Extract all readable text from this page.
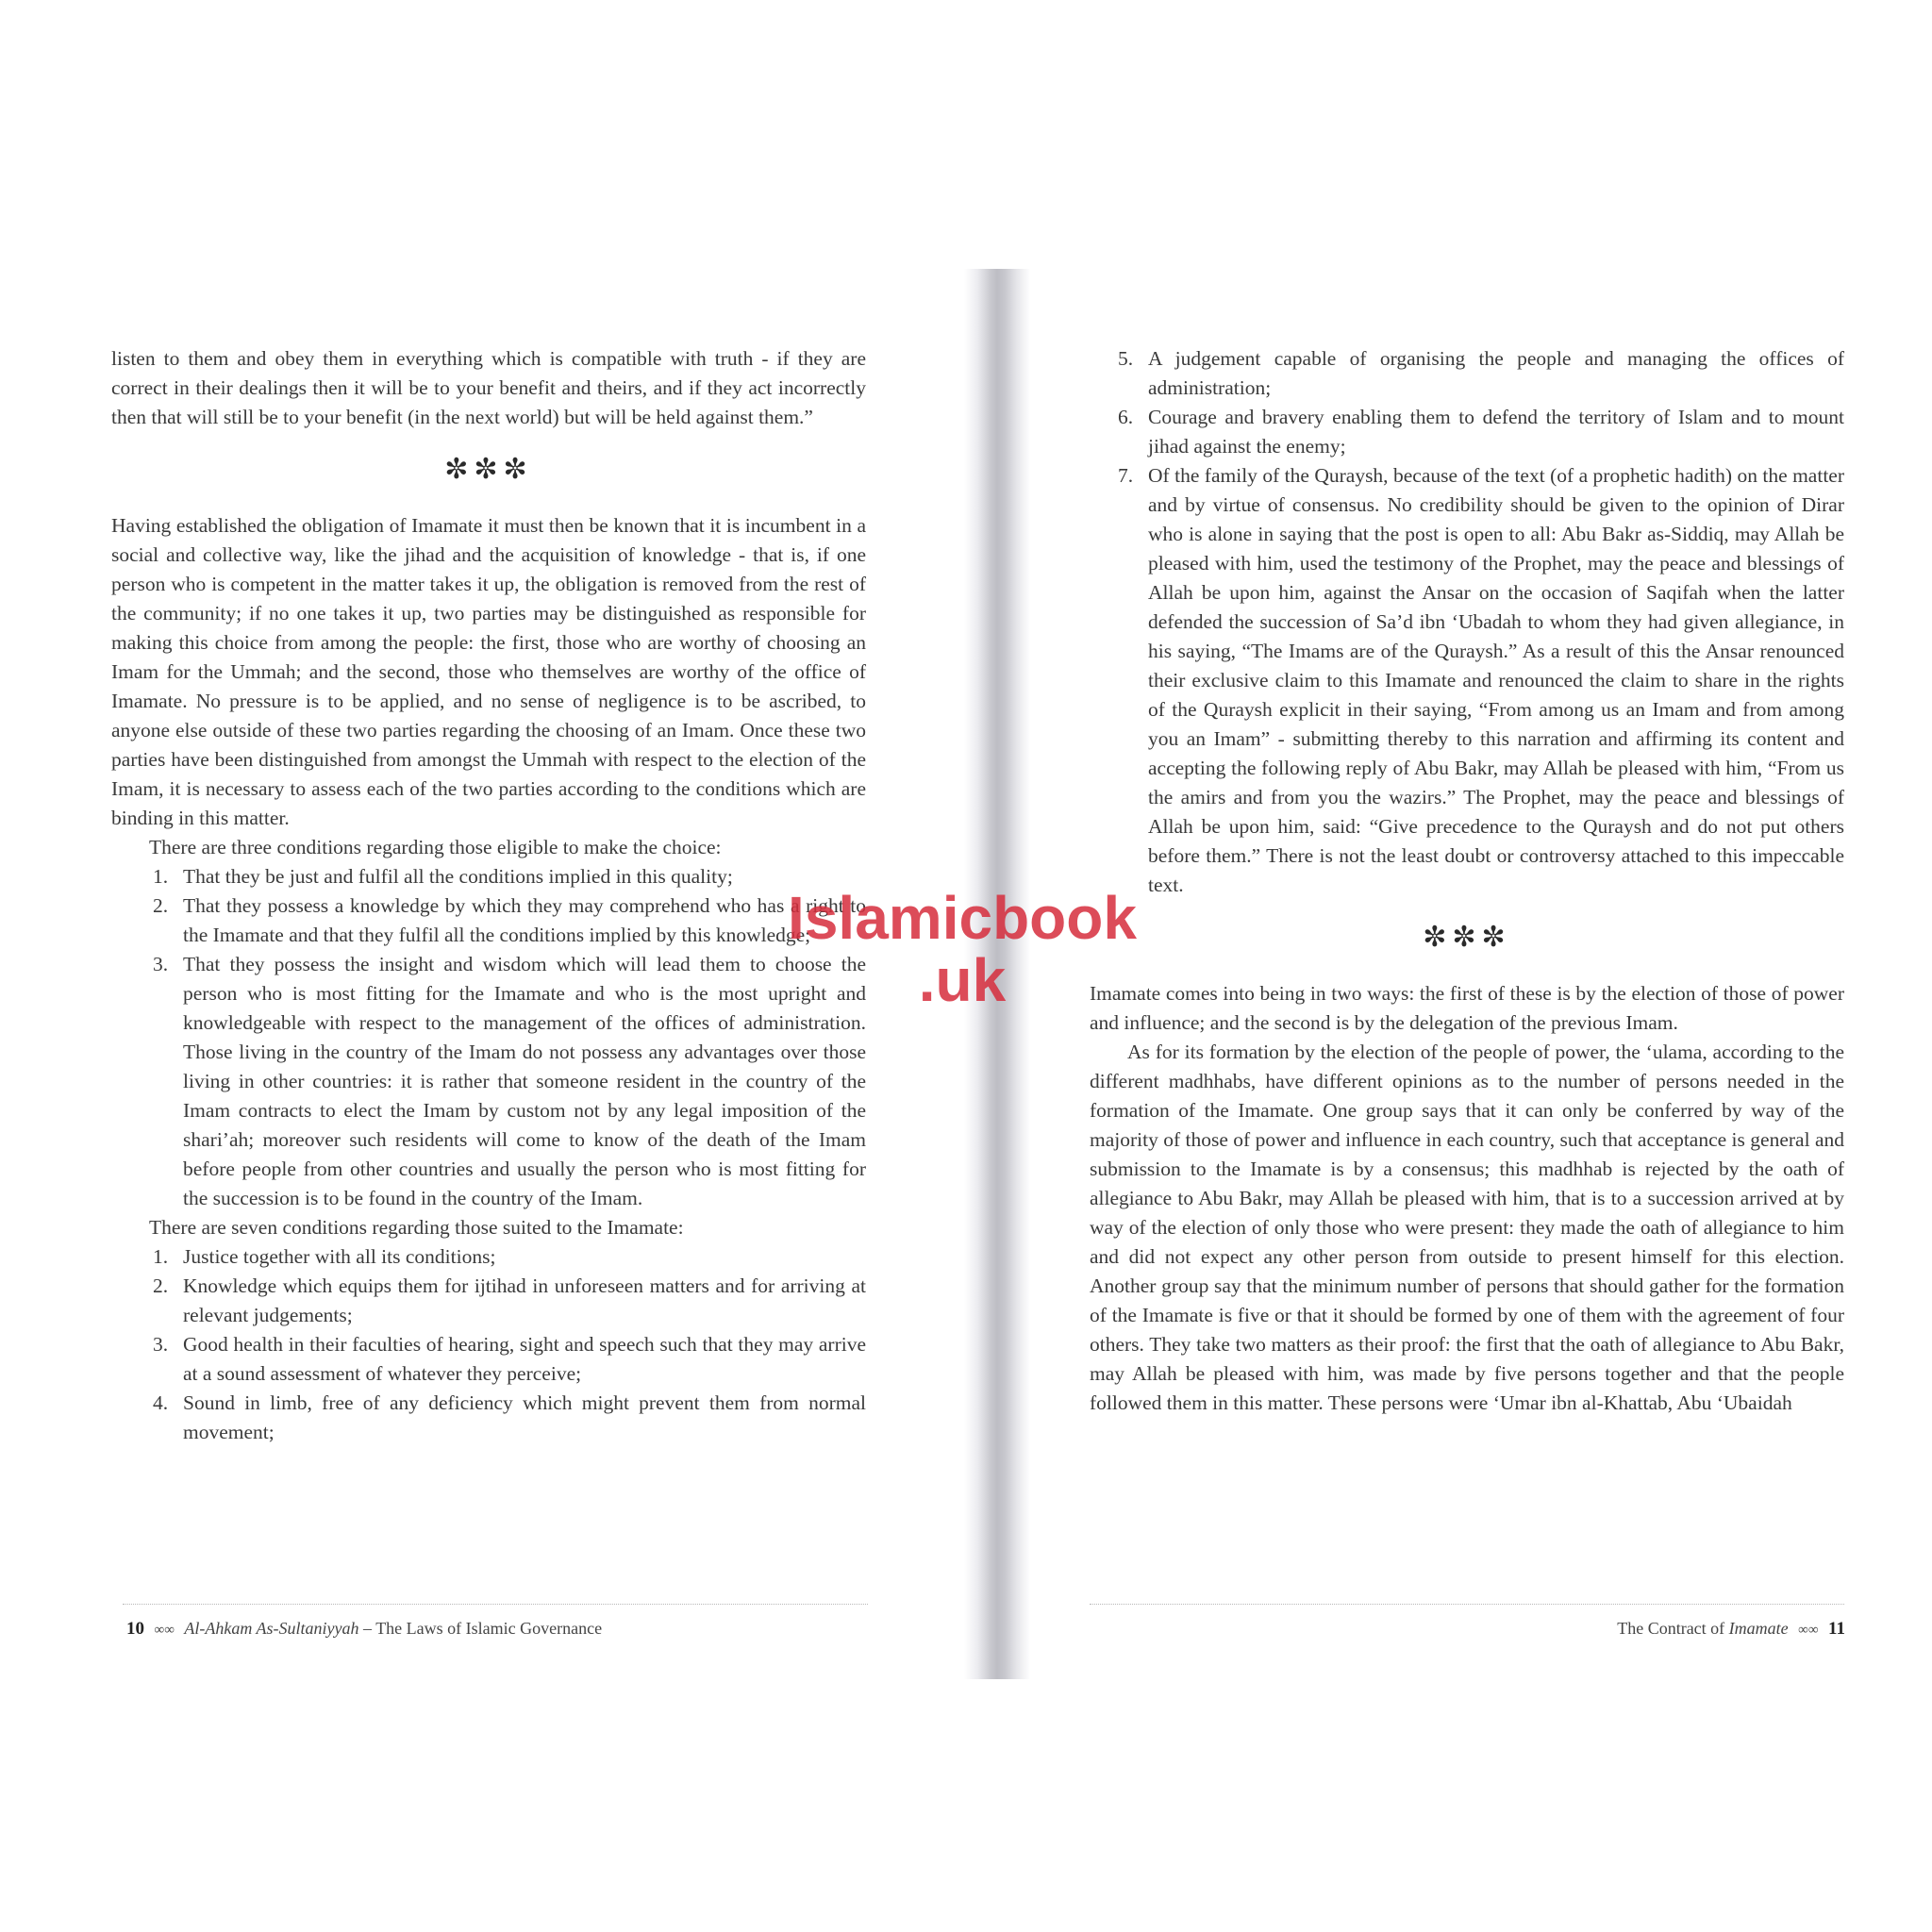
listen to them and obey them in everything which is compatible with truth - if they are correct in their dealings then it will be to your benefit and theirs, and if they act incorrectly then that will still be to your benefit (in the next world) but will be held against them.”

✼✼✼

Having established the obligation of Imamate it must then be known that it is incumbent in a social and collective way, like the jihad and the acquisition of knowledge - that is, if one person who is competent in the matter takes it up, the obligation is removed from the rest of the community; if no one takes it up, two parties may be distinguished as responsible for making this choice from among the people: the first, those who are worthy of choosing an Imam for the Ummah; and the second, those who themselves are worthy of the office of Imamate. No pressure is to be applied, and no sense of negligence is to be ascribed, to anyone else outside of these two parties regarding the choosing of an Imam. Once these two parties have been distinguished from amongst the Ummah with respect to the election of the Imam, it is necessary to assess each of the two parties according to the conditions which are binding in this matter.

There are three conditions regarding those eligible to make the choice:

1. That they be just and fulfil all the conditions implied in this quality;
2. That they possess a knowledge by which they may comprehend who has a right to the Imamate and that they fulfil all the conditions implied by this knowledge;
3. That they possess the insight and wisdom which will lead them to choose the person who is most fitting for the Imamate and who is the most upright and knowledgeable with respect to the management of the offices of administration. Those living in the country of the Imam do not possess any advantages over those living in other countries: it is rather that someone resident in the country of the Imam contracts to elect the Imam by custom not by any legal imposition of the shari’ah; moreover such residents will come to know of the death of the Imam before people from other countries and usually the person who is most fitting for the succession is to be found in the country of the Imam.

There are seven conditions regarding those suited to the Imamate:

1. Justice together with all its conditions;
2. Knowledge which equips them for ijtihad in unforeseen matters and for arriving at relevant judgements;
3. Good health in their faculties of hearing, sight and speech such that they may arrive at a sound assessment of whatever they perceive;
4. Sound in limb, free of any deficiency which might prevent them from normal movement;
10 ∞∞ Al-Ahkam As-Sultaniyyah – The Laws of Islamic Governance
5. A judgement capable of organising the people and managing the offices of administration;
6. Courage and bravery enabling them to defend the territory of Islam and to mount jihad against the enemy;
7. Of the family of the Quraysh, because of the text (of a prophetic hadith) on the matter and by virtue of consensus. No credibility should be given to the opinion of Dirar who is alone in saying that the post is open to all: Abu Bakr as-Siddiq, may Allah be pleased with him, used the testimony of the Prophet, may the peace and blessings of Allah be upon him, against the Ansar on the occasion of Saqifah when the latter defended the succession of Sa’d ibn ‘Ubadah to whom they had given allegiance, in his saying, “The Imams are of the Quraysh.” As a result of this the Ansar renounced their exclusive claim to this Imamate and renounced the claim to share in the rights of the Quraysh explicit in their saying, “From among us an Imam and from among you an Imam” - submitting thereby to this narration and affirming its content and accepting the following reply of Abu Bakr, may Allah be pleased with him, “From us the amirs and from you the wazirs.” The Prophet, may the peace and blessings of Allah be upon him, said: “Give precedence to the Quraysh and do not put others before them.” There is not the least doubt or controversy attached to this impeccable text.
✼✼✼

Imamate comes into being in two ways: the first of these is by the election of those of power and influence; and the second is by the delegation of the previous Imam.

As for its formation by the election of the people of power, the ‘ulama, according to the different madhhabs, have different opinions as to the number of persons needed in the formation of the Imamate. One group says that it can only be conferred by way of the majority of those of power and influence in each country, such that acceptance is general and submission to the Imamate is by a consensus; this madhhab is rejected by the oath of allegiance to Abu Bakr, may Allah be pleased with him, that is to a succession arrived at by way of the election of only those who were present: they made the oath of allegiance to him and did not expect any other person from outside to present himself for this election. Another group say that the minimum number of persons that should gather for the formation of the Imamate is five or that it should be formed by one of them with the agreement of four others. They take two matters as their proof: the first that the oath of allegiance to Abu Bakr, may Allah be pleased with him, was made by five persons together and that the people followed them in this matter. These persons were ‘Umar ibn al-Khattab, Abu ‘Ubaidah

The Contract of Imamate ∞∞ 11
Islamicbook
.uk
